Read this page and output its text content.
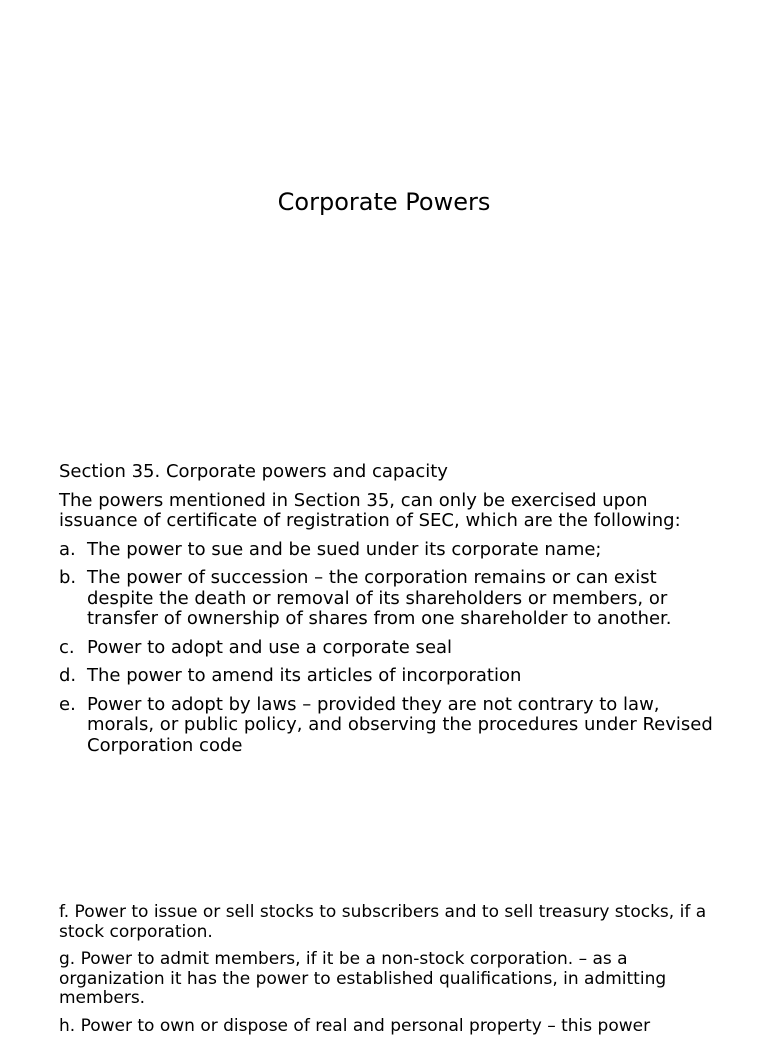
Corporate Powers
Section 35. Corporate powers and capacity
The powers mentioned in Section 35, can only be exercised upon issuance of certificate of registration of SEC, which are the following:
a. The power to sue and be sued under its corporate name;
b. The power of succession – the corporation remains or can exist despite the death or removal of its shareholders or members, or transfer of ownership of shares from one shareholder to another.
c. Power to adopt and use a corporate seal
d. The power to amend its articles of incorporation
e. Power to adopt by laws – provided they are not contrary to law, morals, or public policy, and observing the procedures under Revised Corporation code
f. Power to issue or sell stocks to subscribers and to sell treasury stocks, if a stock corporation.
g. Power to admit members, if it be a non-stock corporation. – as a organization it has the power to established qualifications, in admitting members.
h. Power to own or dispose of real and personal property – this power
